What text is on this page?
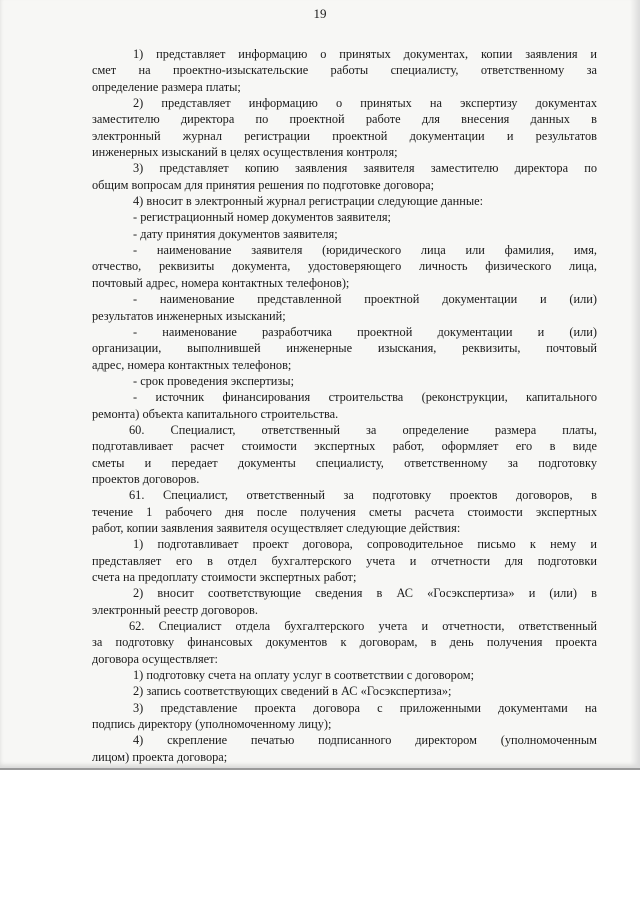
19

1) представляет информацию о принятых документах, копии заявления и

смет на проектно-изыскательские работы специалисту, ответственному за

определение размера платы;

2) представляет информацию о принятых на экспертизу документах

заместителю директора по проектной работе для внесения данных в

электронный журнал регистрации проектной документации и результатов

инженерных изысканий в целях осуществления контроля;

3) представляет копию заявления заявителя заместителю директора по

общим вопросам для принятия решения по подготовке договора;

4) вносит в электронный журнал регистрации следующие данные:

- регистрационный номер документов заявителя;

- дату принятия документов заявителя;

- наименование заявителя (юридического лица или фамилия, имя,

отчество, реквизиты документа, удостоверяющего личность физического лица,

почтовый адрес, номера контактных телефонов);

- наименование представленной проектной документации и (или)

результатов инженерных изысканий;

- наименование разработчика проектной документации и (или)

организации, выполнившей инженерные изыскания, реквизиты, почтовый

адрес, номера контактных телефонов;

- срок проведения экспертизы;

- источник финансирования строительства (реконструкции, капитального

ремонта) объекта капитального строительства.

60. Специалист, ответственный за определение размера платы,

подготавливает расчет стоимости экспертных работ, оформляет его в виде

сметы и передает документы специалисту, ответственному за подготовку

проектов договоров.

61. Специалист, ответственный за подготовку проектов договоров, в

течение 1 рабочего дня после получения сметы расчета стоимости экспертных

работ, копии заявления заявителя осуществляет следующие действия:

1) подготавливает проект договора, сопроводительное письмо к нему и

представляет его в отдел бухгалтерского учета и отчетности для подготовки

счета на предоплату стоимости экспертных работ;

2) вносит соответствующие сведения в АС «Госэкспертиза» и (или) в

электронный реестр договоров.

62. Специалист отдела бухгалтерского учета и отчетности, ответственный

за подготовку финансовых документов к договорам, в день получения проекта

договора осуществляет:

1) подготовку счета на оплату услуг в соответствии с договором;

2) запись соответствующих сведений в АС «Госэкспертиза»;

3) представление проекта договора с приложенными документами на

подпись директору (уполномоченному лицу);

4) скрепление печатью подписанного директором (уполномоченным

лицом) проекта договора;
